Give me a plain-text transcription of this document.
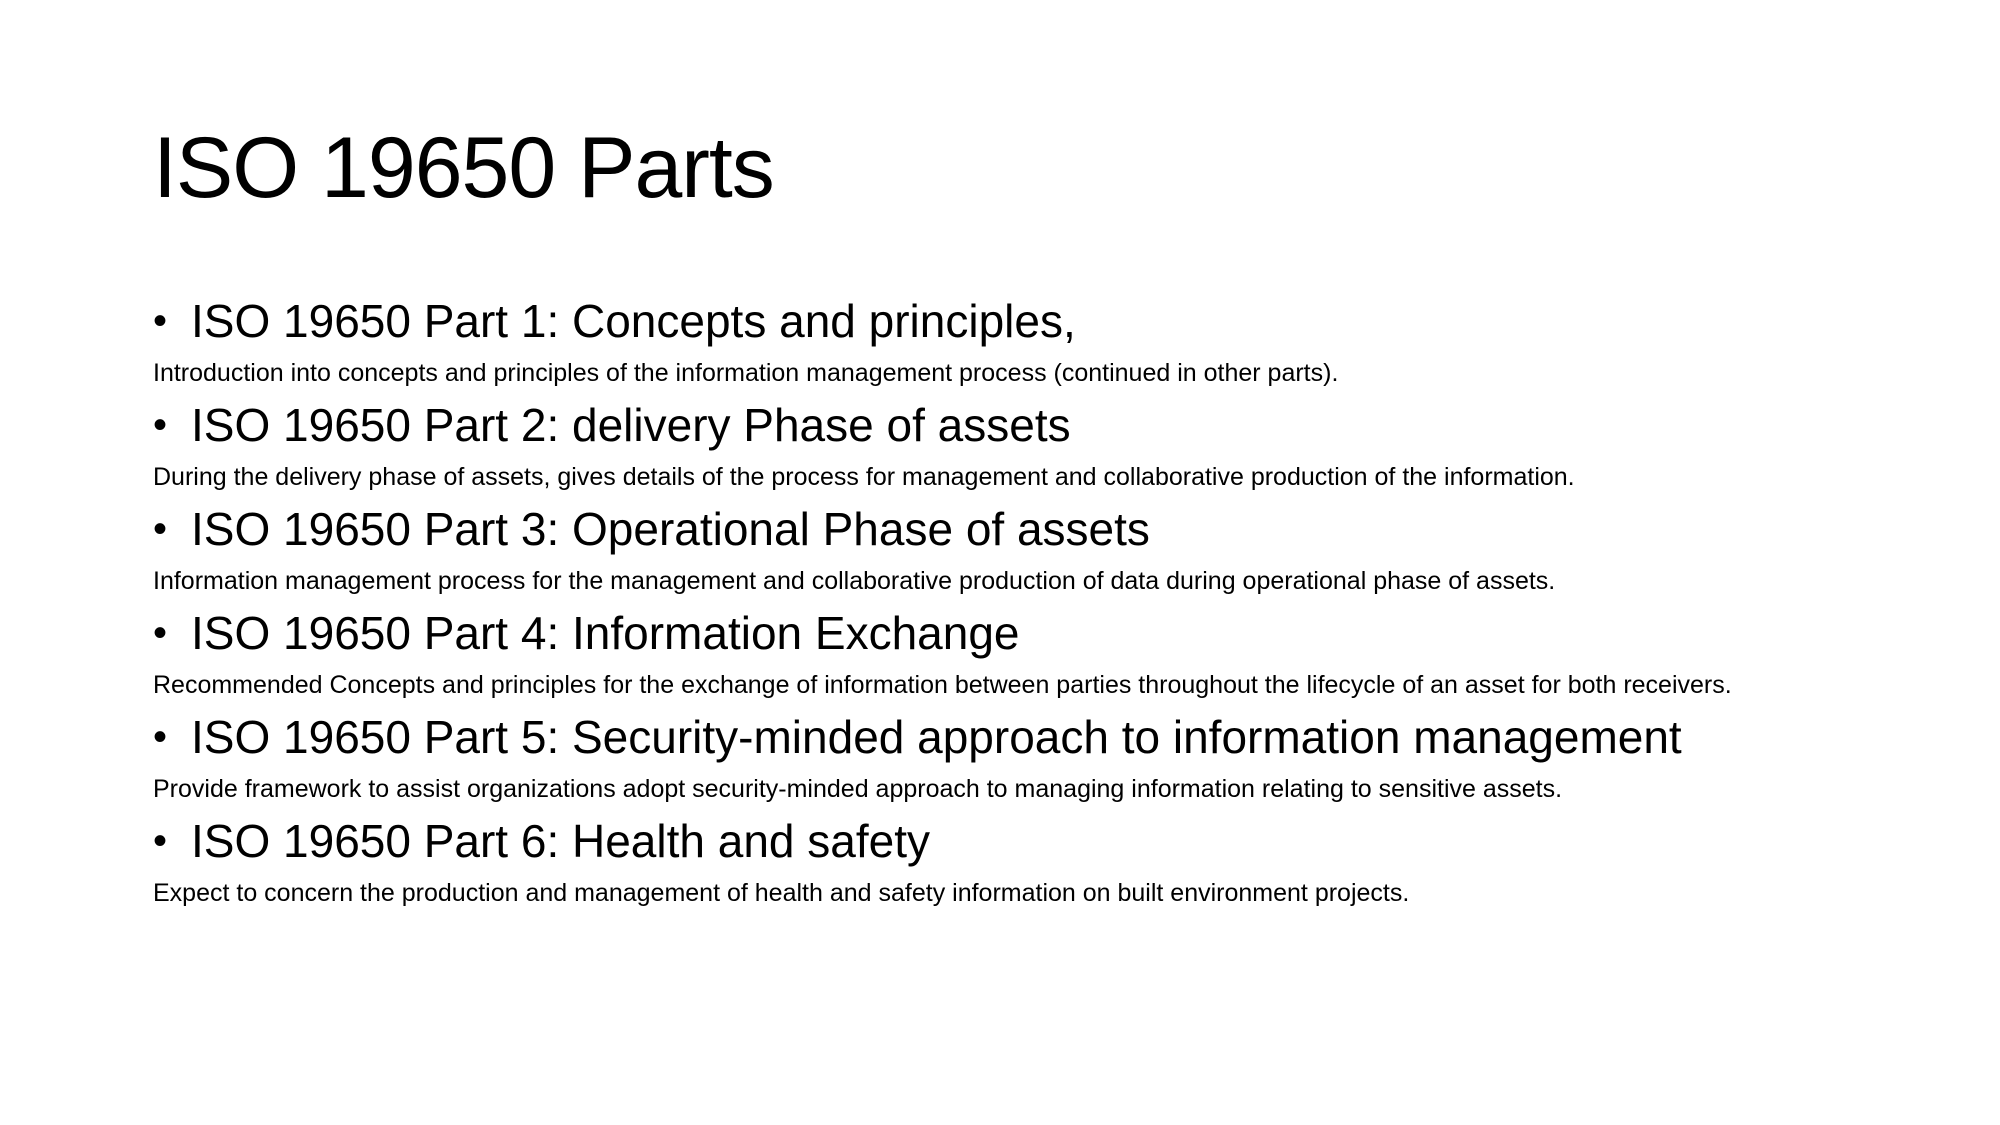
ISO 19650 Parts
• ISO 19650 Part 1: Concepts and principles,
Introduction into concepts and principles of the information management process (continued in other parts).
• ISO 19650 Part 2: delivery Phase of assets
During the delivery phase of assets, gives details of the process for management and collaborative production of the information.
• ISO 19650 Part 3: Operational Phase of assets
Information management process for the management and collaborative production of data during operational phase of assets.
• ISO 19650 Part 4: Information Exchange
Recommended Concepts and principles for the exchange of information between parties throughout the lifecycle of an asset for both receivers.
• ISO 19650 Part 5: Security-minded approach to information management
Provide framework to assist organizations adopt security-minded approach to managing information relating to sensitive assets.
• ISO 19650 Part 6: Health and safety
Expect to concern the production and management of health and safety information on built environment projects.
